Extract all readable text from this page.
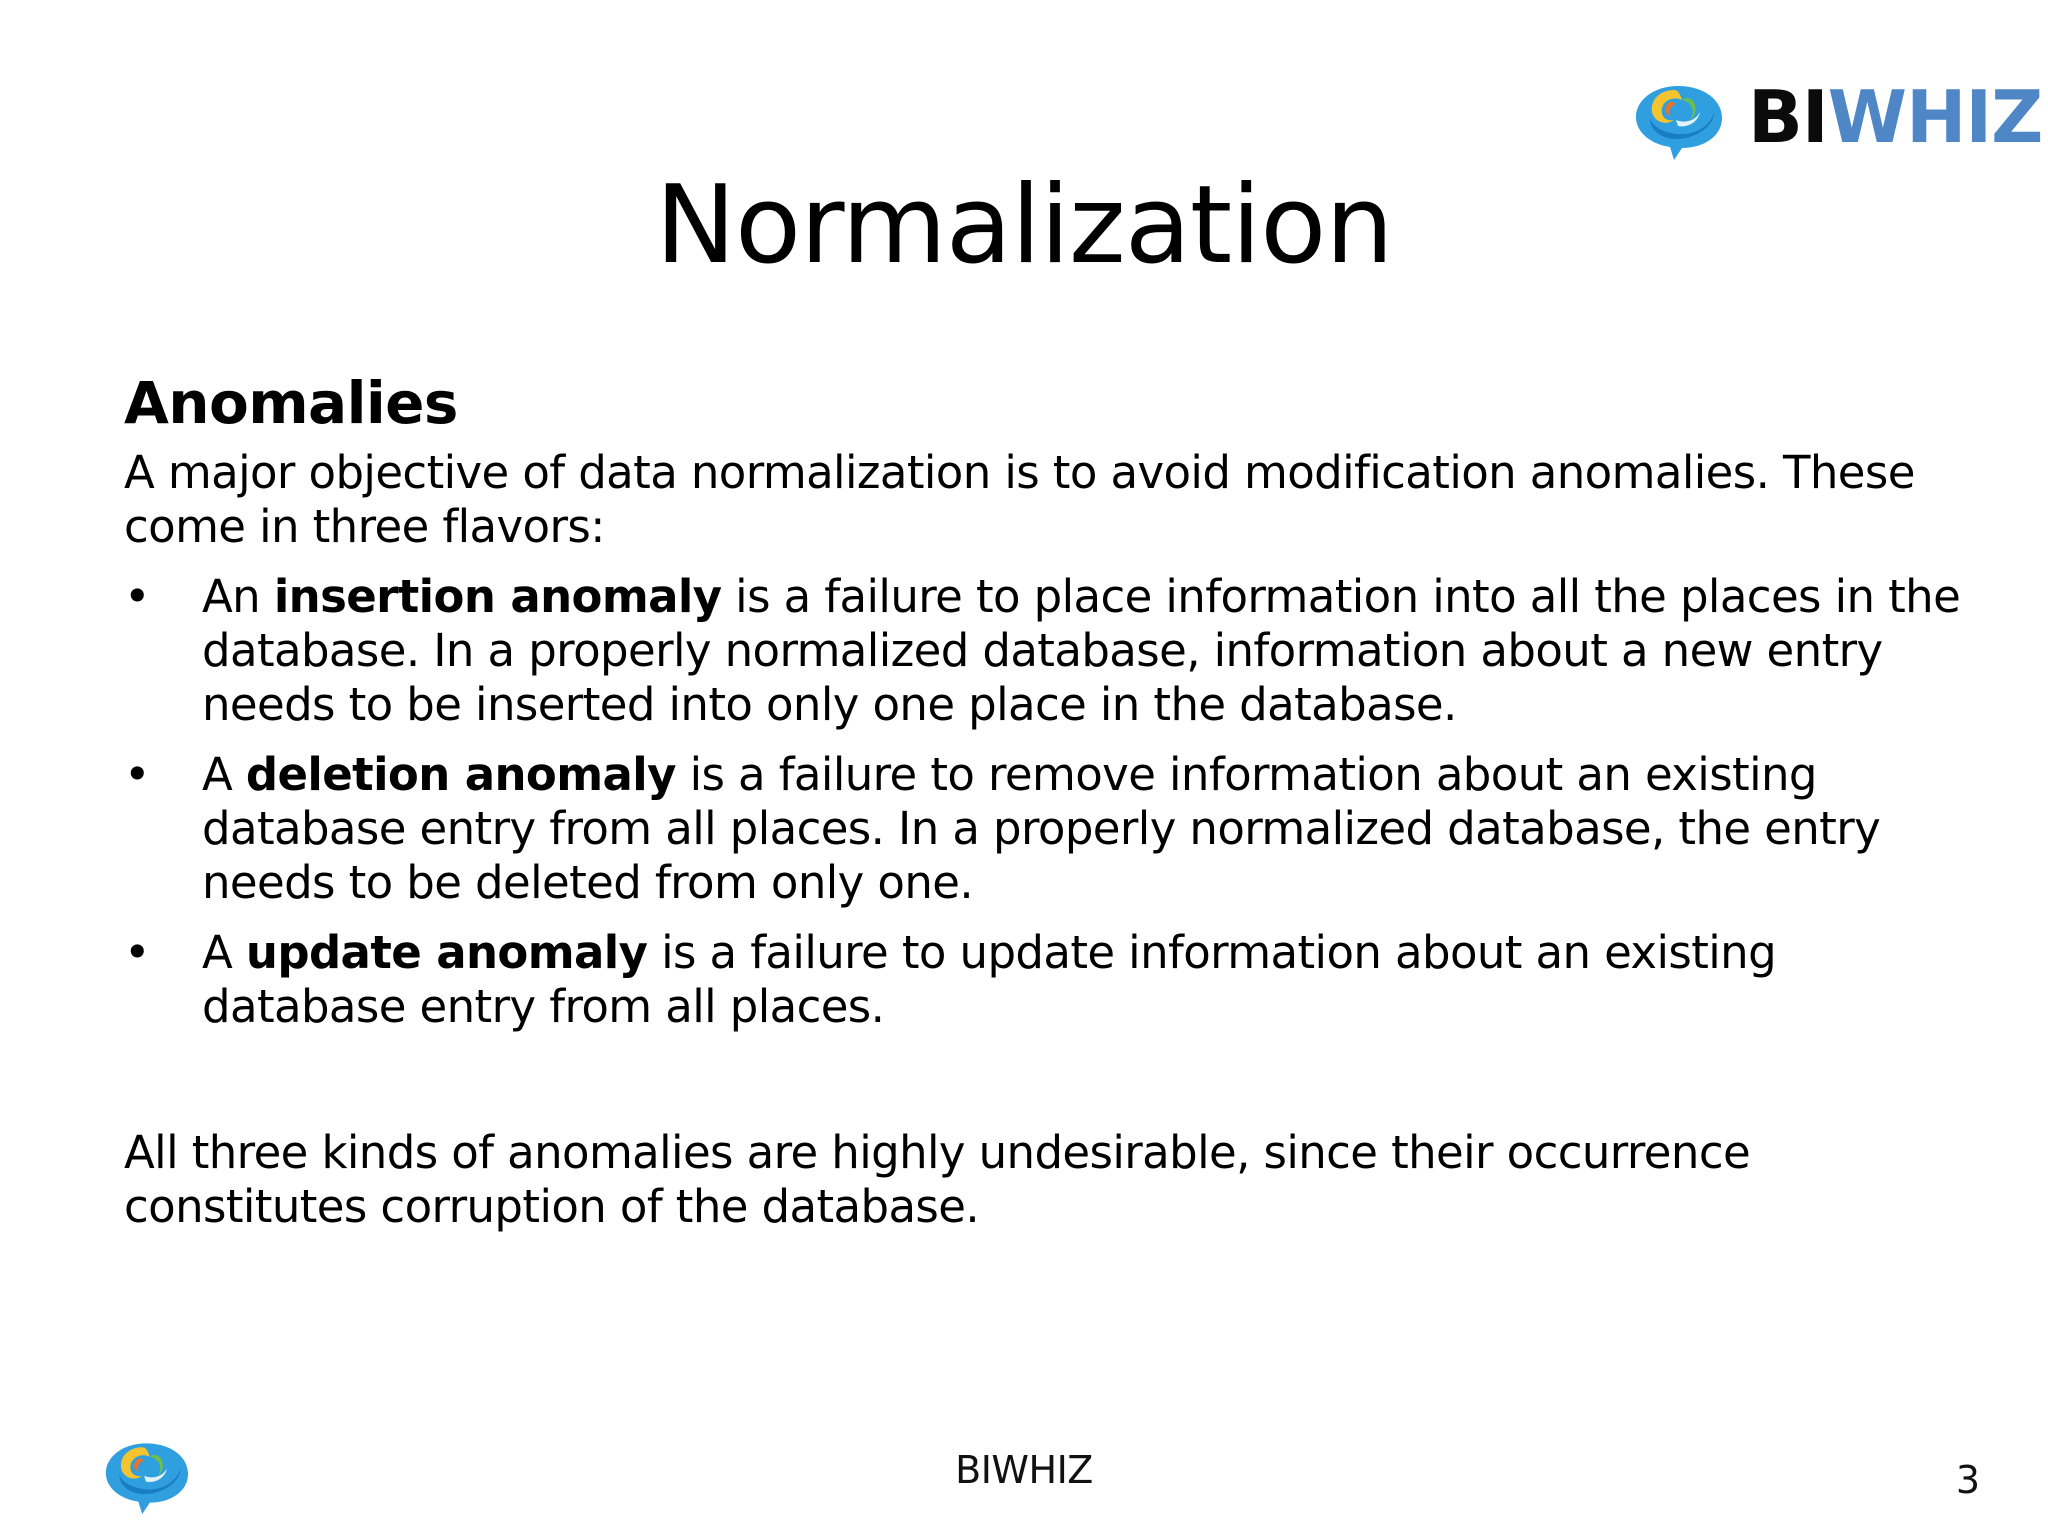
BIWHIZ
Normalization
Anomalies

A major objective of data normalization is to avoid modification anomalies. These come in three flavors:

• An insertion anomaly is a failure to place information into all the places in the database. In a properly normalized database, information about a new entry needs to be inserted into only one place in the database.
• A deletion anomaly is a failure to remove information about an existing database entry from all places. In a properly normalized database, the entry needs to be deleted from only one.
• A update anomaly is a failure to update information about an existing database entry from all places.

All three kinds of anomalies are highly undesirable, since their occurrence constitutes corruption of the database.

BIWHIZ	3
